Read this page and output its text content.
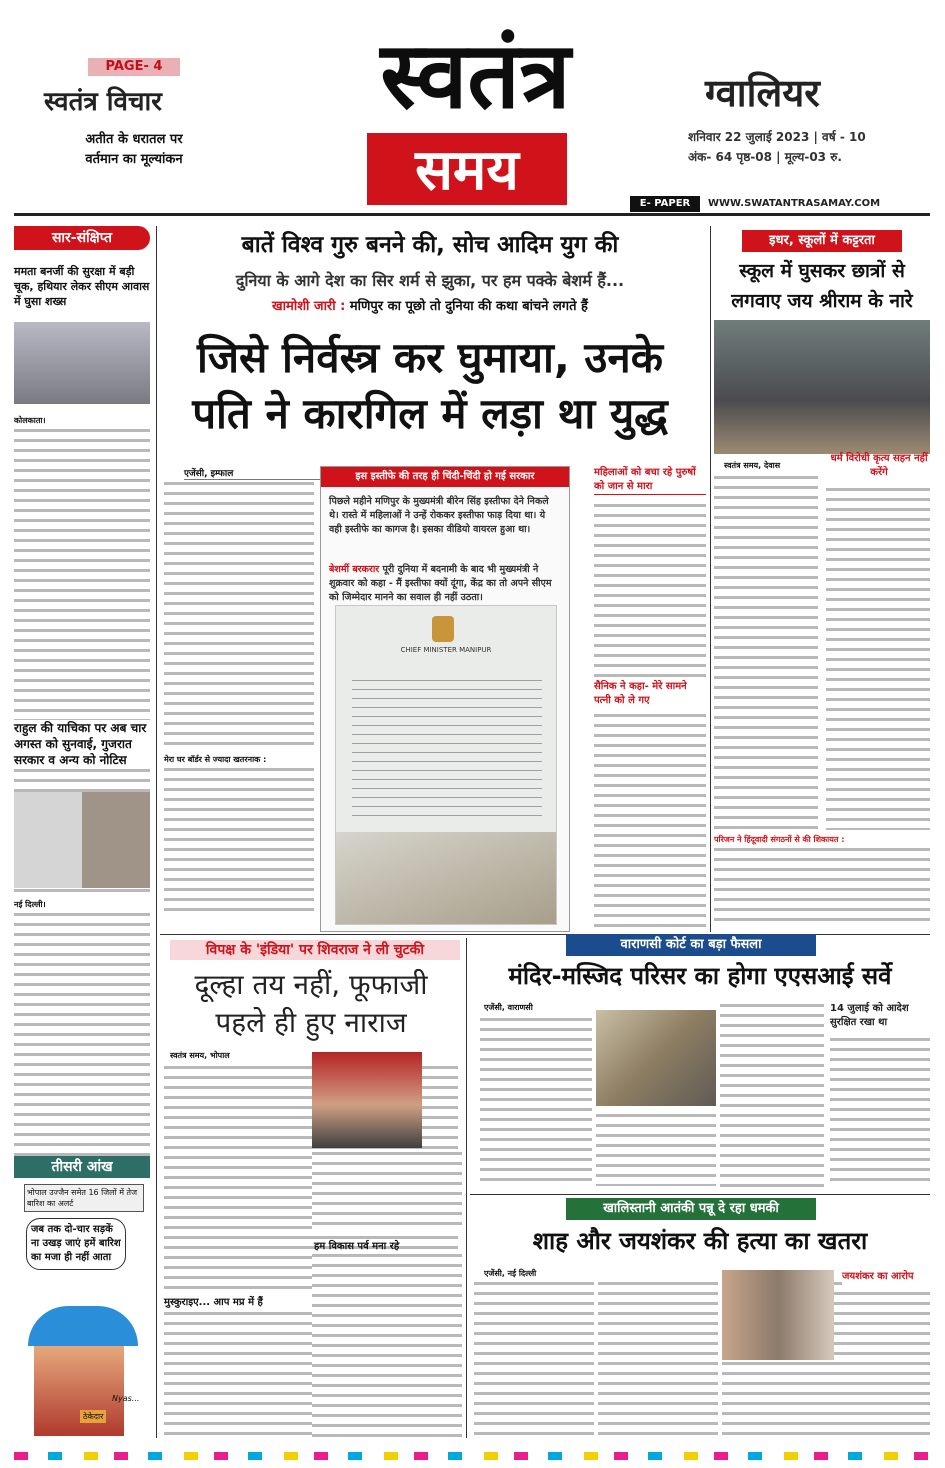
PAGE- 4
स्वतंत्र विचार
अतीत के धरातल पर
वर्तमान का मूल्यांकन
स्वतंत्र
समय
ग्वालियर
शनिवार 22 जुलाई 2023 | वर्ष - 10
अंक- 64 पृष्ठ-08 | मूल्य-03 रु.
E- PAPER	WWW.SWATANTRASAMAY.COM
सार-संक्षिप्त
ममता बनर्जी की सुरक्षा में बड़ी चूक, हथियार लेकर सीएम आवास में घुसा शख्स
कोलकाता।
राहुल की याचिका पर अब चार अगस्त को सुनवाई, गुजरात सरकार व अन्य को नोटिस
नई दिल्ली।
तीसरी आंख
भोपाल उज्जैन समेत 16 जिलों में तेज बारिश का अलर्ट
जब तक दो-चार सड़कें ना उखड़ जाएं हमें बारिश का मजा ही नहीं आता
ठेकेदार
Nyas...
बातें विश्व गुरु बनने की, सोच आदिम युग की
दुनिया के आगे देश का सिर शर्म से झुका, पर हम पक्के बेशर्म हैं...
खामोशी जारी : मणिपुर का पूछो तो दुनिया की कथा बांचने लगते हैं
जिसे निर्वस्त्र कर घुमाया, उनके
पति ने कारगिल में लड़ा था युद्ध
एजेंसी, इम्फाल
मेरा घर बॉर्डर से ज्यादा खतरनाक :
इस इस्तीफे की तरह ही चिंदी-चिंदी हो गई सरकार
पिछले महीने मणिपुर के मुख्यमंत्री बीरेन सिंह इस्तीफा देने निकले थे। रास्ते में महिलाओं ने उन्हें रोककर इस्तीफा फाड़ दिया था। ये वही इस्तीफे का कागज है। इसका वीडियो वायरल हुआ था।
बेशर्मी बरकरार पूरी दुनिया में बदनामी के बाद भी मुख्यमंत्री ने शुक्रवार को कहा - मैं इस्तीफा क्यों दूंगा, केंद्र का तो अपने सीएम को जिम्मेदार मानने का सवाल ही नहीं उठता।
CHIEF MINISTER MANIPUR
महिलाओं को बचा रहे पुरुषों को जान से मारा
सैनिक ने कहा- मेरे सामने पत्नी को ले गए
इधर, स्कूलों में कट्टरता
स्कूल में घुसकर छात्रों से
लगवाए जय श्रीराम के नारे
स्वतंत्र समय, देवास
धर्म विरोधी कृत्य सहन नहीं करेंगे
परिजन ने हिंदूवादी संगठनों से की शिकायत :
विपक्ष के 'इंडिया' पर शिवराज ने ली चुटकी
दूल्हा तय नहीं, फूफाजी
पहले ही हुए नाराज
स्वतंत्र समय, भोपाल
मुस्कुराइए... आप मप्र में हैं
हम विकास पर्व मना रहे
वाराणसी कोर्ट का बड़ा फैसला
मंदिर-मस्जिद परिसर का होगा एएसआई सर्वे
एजेंसी, वाराणसी	14 जुलाई को आदेश सुरक्षित रखा था
खालिस्तानी आतंकी पन्नू दे रहा धमकी
शाह और जयशंकर की हत्या का खतरा
एजेंसी, नई दिल्ली	जयशंकर का आरोप
